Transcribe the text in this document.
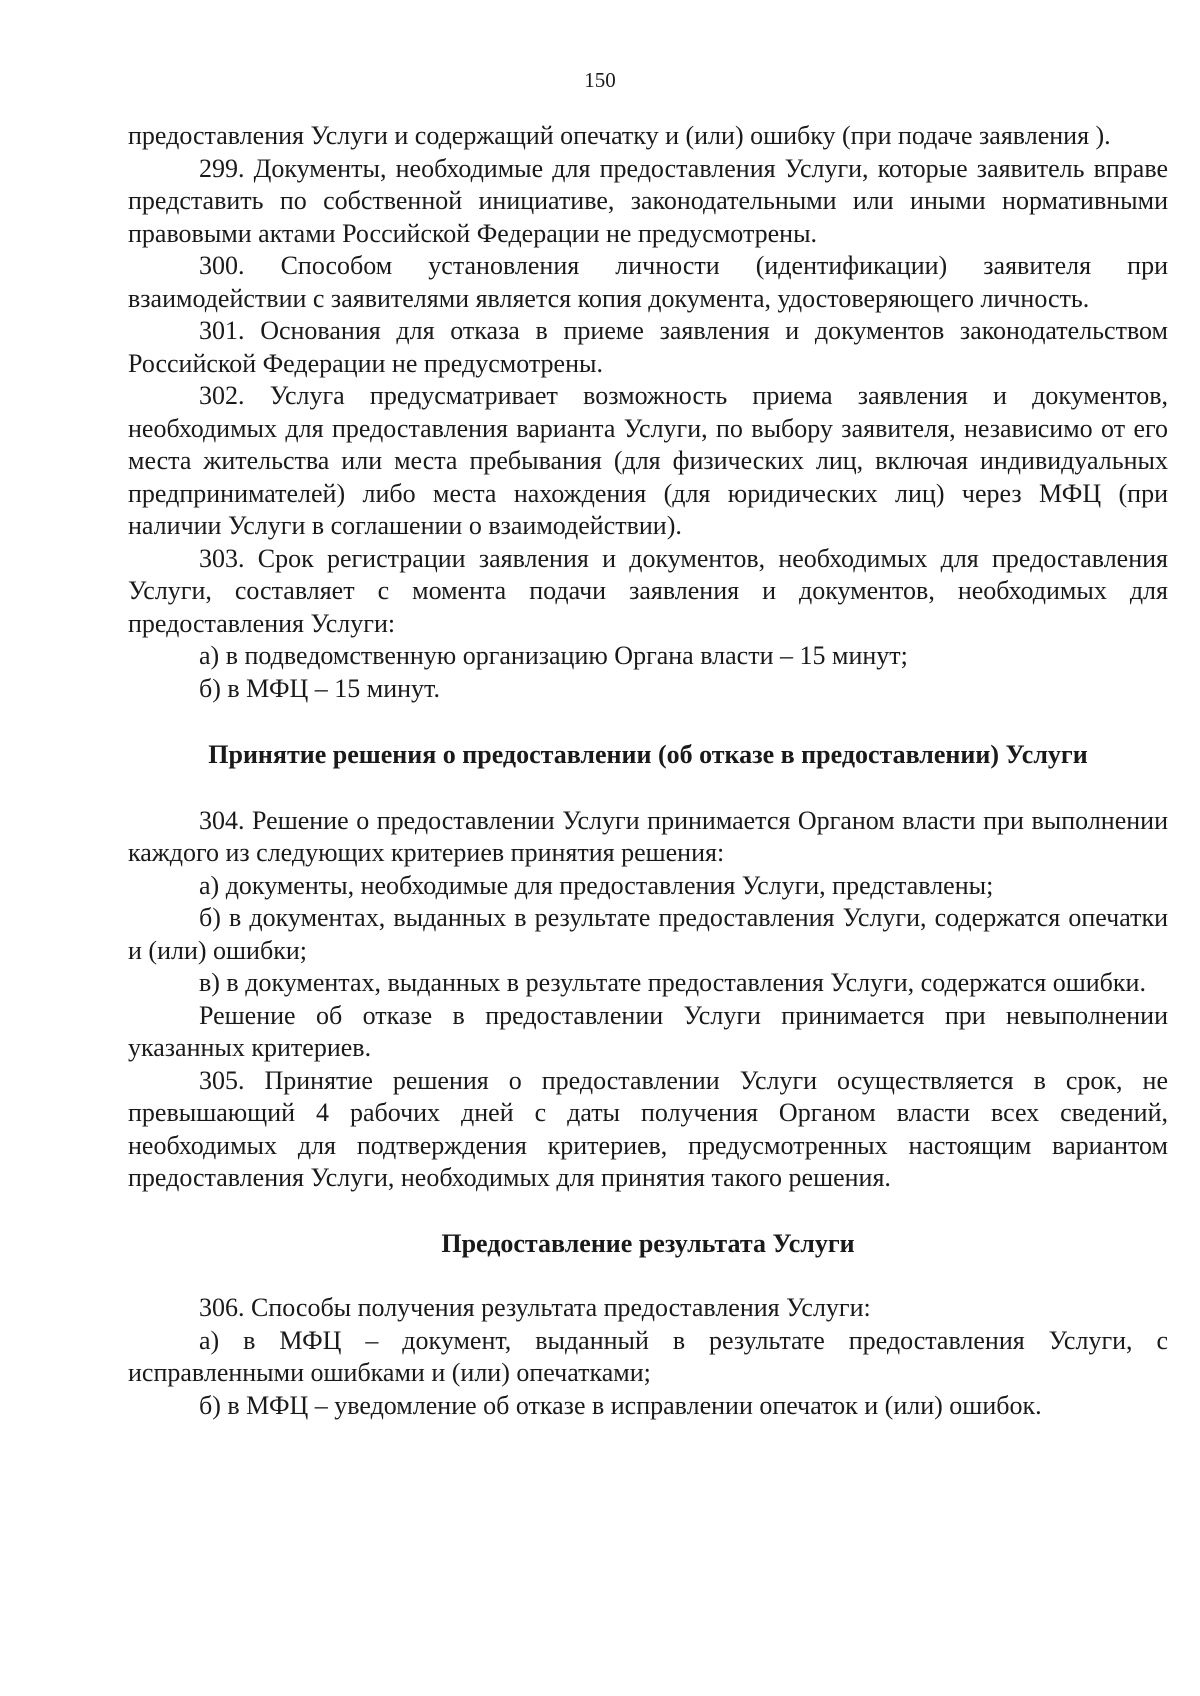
150

предоставления Услуги и содержащий опечатку и (или) ошибку (при подаче заявления ).

299. Документы, необходимые для предоставления Услуги, которые заявитель вправе представить по собственной инициативе, законодательными или иными нормативными правовыми актами Российской Федерации не предусмотрены.

300. Способом установления личности (идентификации) заявителя при взаимодействии с заявителями является копия документа, удостоверяющего личность.

301. Основания для отказа в приеме заявления и документов законодательством Российской Федерации не предусмотрены.

302. Услуга предусматривает возможность приема заявления и документов, необходимых для предоставления варианта Услуги, по выбору заявителя, независимо от его места жительства или места пребывания (для физических лиц, включая индивидуальных предпринимателей) либо места нахождения (для юридических лиц) через МФЦ (при наличии Услуги в соглашении о взаимодействии).

303. Срок регистрации заявления и документов, необходимых для предоставления Услуги, составляет с момента подачи заявления и документов, необходимых для предоставления Услуги:

а) в подведомственную организацию Органа власти – 15 минут;

б) в МФЦ – 15 минут.

Принятие решения о предоставлении (об отказе в предоставлении) Услуги

304. Решение о предоставлении Услуги принимается Органом власти при выполнении каждого из следующих критериев принятия решения:

а) документы, необходимые для предоставления Услуги, представлены;

б) в документах, выданных в результате предоставления Услуги, содержатся опечатки и (или) ошибки;

в) в документах, выданных в результате предоставления Услуги, содержатся ошибки.

Решение об отказе в предоставлении Услуги принимается при невыполнении указанных критериев.

305. Принятие решения о предоставлении Услуги осуществляется в срок, не превышающий 4 рабочих дней с даты получения Органом власти всех сведений, необходимых для подтверждения критериев, предусмотренных настоящим вариантом предоставления Услуги, необходимых для принятия такого решения.

Предоставление результата Услуги

306. Способы получения результата предоставления Услуги:

а) в МФЦ – документ, выданный в результате предоставления Услуги, с исправленными ошибками и (или) опечатками;

б) в МФЦ – уведомление об отказе в исправлении опечаток и (или) ошибок.
